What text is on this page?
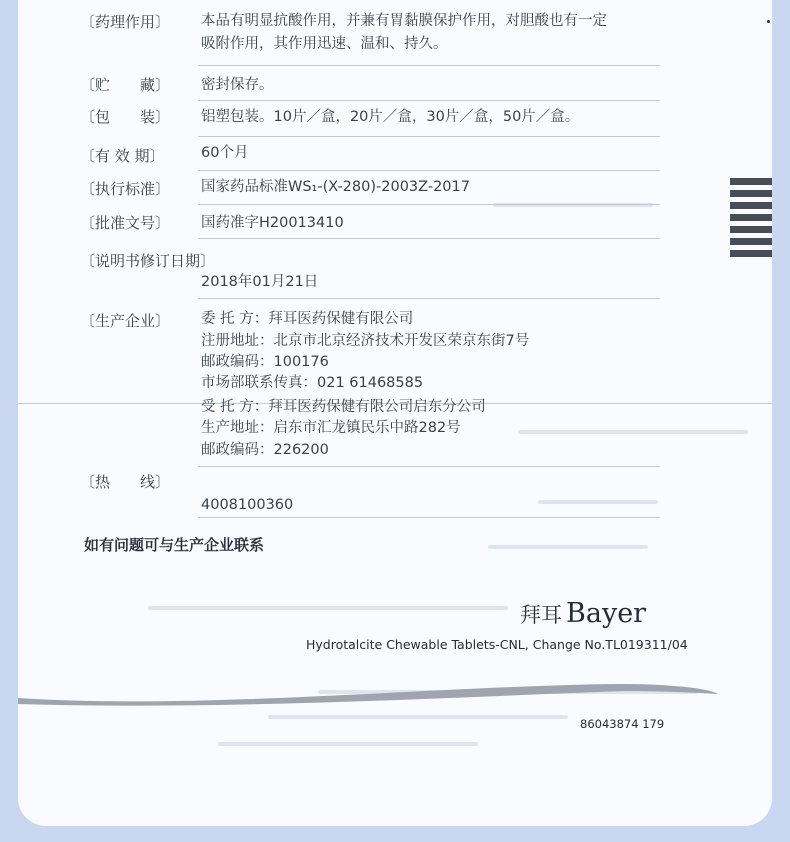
〔药理作用〕 本品有明显抗酸作用，并兼有胃黏膜保护作用，对胆酸也有一定
吸附作用，其作用迅速、温和、持久。
〔贮　　藏〕 密封保存。
〔包　　装〕 铝塑包装。10片／盒，20片／盒，30片／盒，50片／盒。
〔有 效 期〕	60个月
〔执行标准〕 国家药品标准WS₁-(X-280)-2003Z-2017
〔批准文号〕 国药准字H20013410
〔说明书修订日期〕
2018年01月21日
〔生产企业〕 委 托 方：拜耳医药保健有限公司
注册地址：北京市北京经济技术开发区荣京东街7号
邮政编码：100176
市场部联系传真：021 61468585
受 托 方：拜耳医药保健有限公司启东分公司
生产地址：启东市汇龙镇民乐中路282号
邮政编码：226200
〔热　　线〕
4008100360
如有问题可与生产企业联系
拜耳 Bayer
Hydrotalcite Chewable Tablets-CNL, Change No.TL019311/04
86043874 179
